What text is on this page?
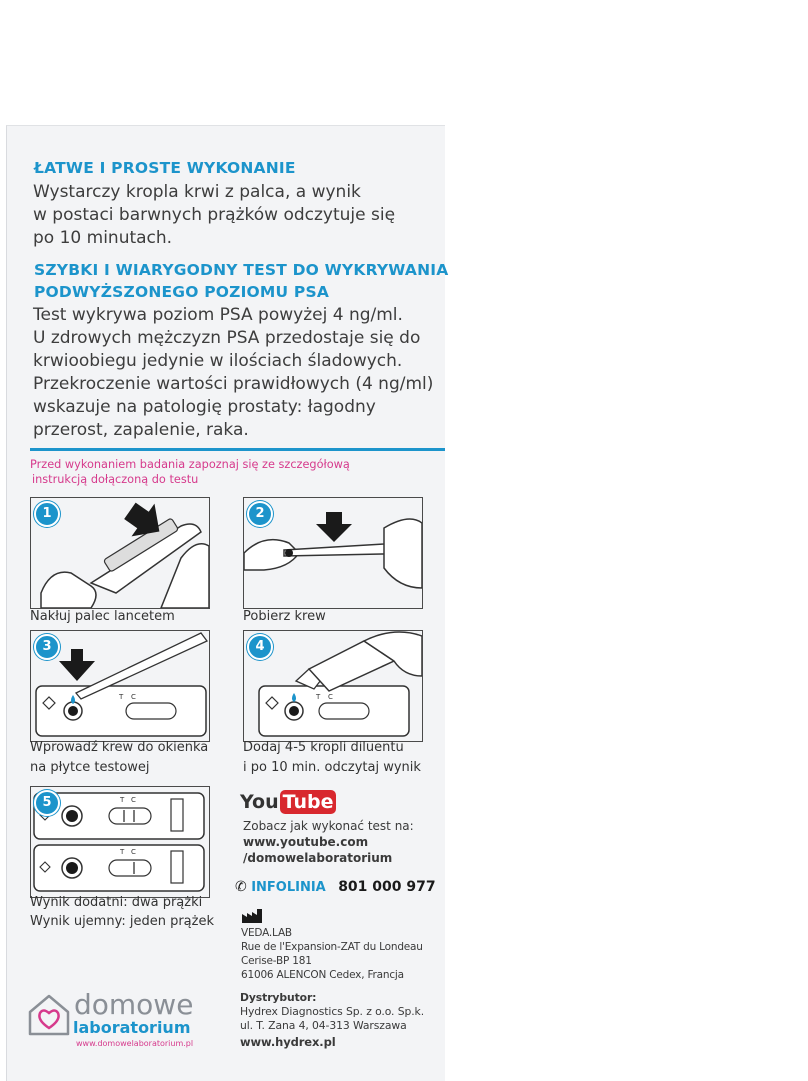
ŁATWE I PROSTE WYKONANIE
Wystarczy kropla krwi z palca, a wynik
w postaci barwnych prążków odczytuje się
po 10 minutach.
SZYBKI I WIARYGODNY TEST DO WYKRYWANIA
PODWYŻSZONEGO POZIOMU PSA
Test wykrywa poziom PSA powyżej 4 ng/ml.
U zdrowych mężczyzn PSA przedostaje się do
krwioobiegu jedynie w ilościach śladowych.
Przekroczenie wartości prawidłowych (4 ng/ml)
wskazuje na patologię prostaty: łagodny
przerost, zapalenie, raka.
Przed wykonaniem badania zapoznaj się ze szczegółową
instrukcją dołączoną do testu
1
Nakłuj palec lancetem
2
Pobierz krew
3
T C
Wprowadź krew do okienka
na płytce testowej
4
T C
Dodaj 4-5 kropli diluentu
i po 10 min. odczytaj wynik
5	T C
T C
Wynik dodatni: dwa prążki
Wynik ujemny: jeden prążek
You Tube
Zobacz jak wykonać test na:
www.youtube.com
/domowelaboratorium
✆ INFOLINIA 801 000 977
VEDA.LAB
Rue de l'Expansion-ZAT du Londeau
Cerise-BP 181
61006 ALENCON Cedex, Francja
Dystrybutor:
Hydrex Diagnostics Sp. z o.o. Sp.k.
ul. T. Zana 4, 04-313 Warszawa
www.hydrex.pl
domowe
laboratorium
www.domowelaboratorium.pl
